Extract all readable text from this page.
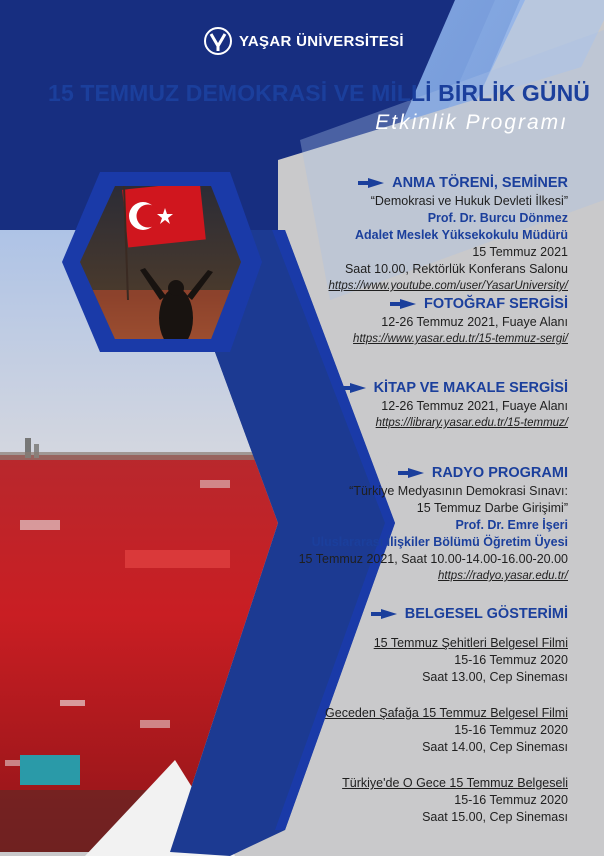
YAŞAR ÜNİVERSİTESİ
15 TEMMUZ DEMOKRASİ VE MİLLİ BİRLİK GÜNÜ
Etkinlik Programı
ANMA TÖRENİ, SEMİNER
“Demokrasi ve Hukuk Devleti İlkesi”
Prof. Dr. Burcu Dönmez
Adalet Meslek Yüksekokulu Müdürü
15 Temmuz 2021
Saat 10.00, Rektörlük Konferans Salonu
https://www.youtube.com/user/YasarUniversity/
FOTOĞRAF SERGİSİ
12-26 Temmuz 2021, Fuaye Alanı
https://www.yasar.edu.tr/15-temmuz-sergi/
KİTAP VE MAKALE SERGİSİ
12-26 Temmuz 2021, Fuaye Alanı
https://library.yasar.edu.tr/15-temmuz/
RADYO PROGRAMI
“Türkiye Medyasının Demokrasi Sınavı:
15 Temmuz Darbe Girişimi”
Prof. Dr. Emre İşeri
Uluslararası İlişkiler Bölümü Öğretim Üyesi
15 Temmuz 2021, Saat 10.00-14.00-16.00-20.00
https://radyo.yasar.edu.tr/
BELGESEL GÖSTERİMİ
15 Temmuz Şehitleri Belgesel Filmi
15-16 Temmuz 2020
Saat 13.00, Cep Sineması
Geceden Şafağa 15 Temmuz Belgesel Filmi
15-16 Temmuz 2020
Saat 14.00, Cep Sineması
Türkiye'de O Gece 15 Temmuz Belgeseli
15-16 Temmuz 2020
Saat 15.00, Cep Sineması
